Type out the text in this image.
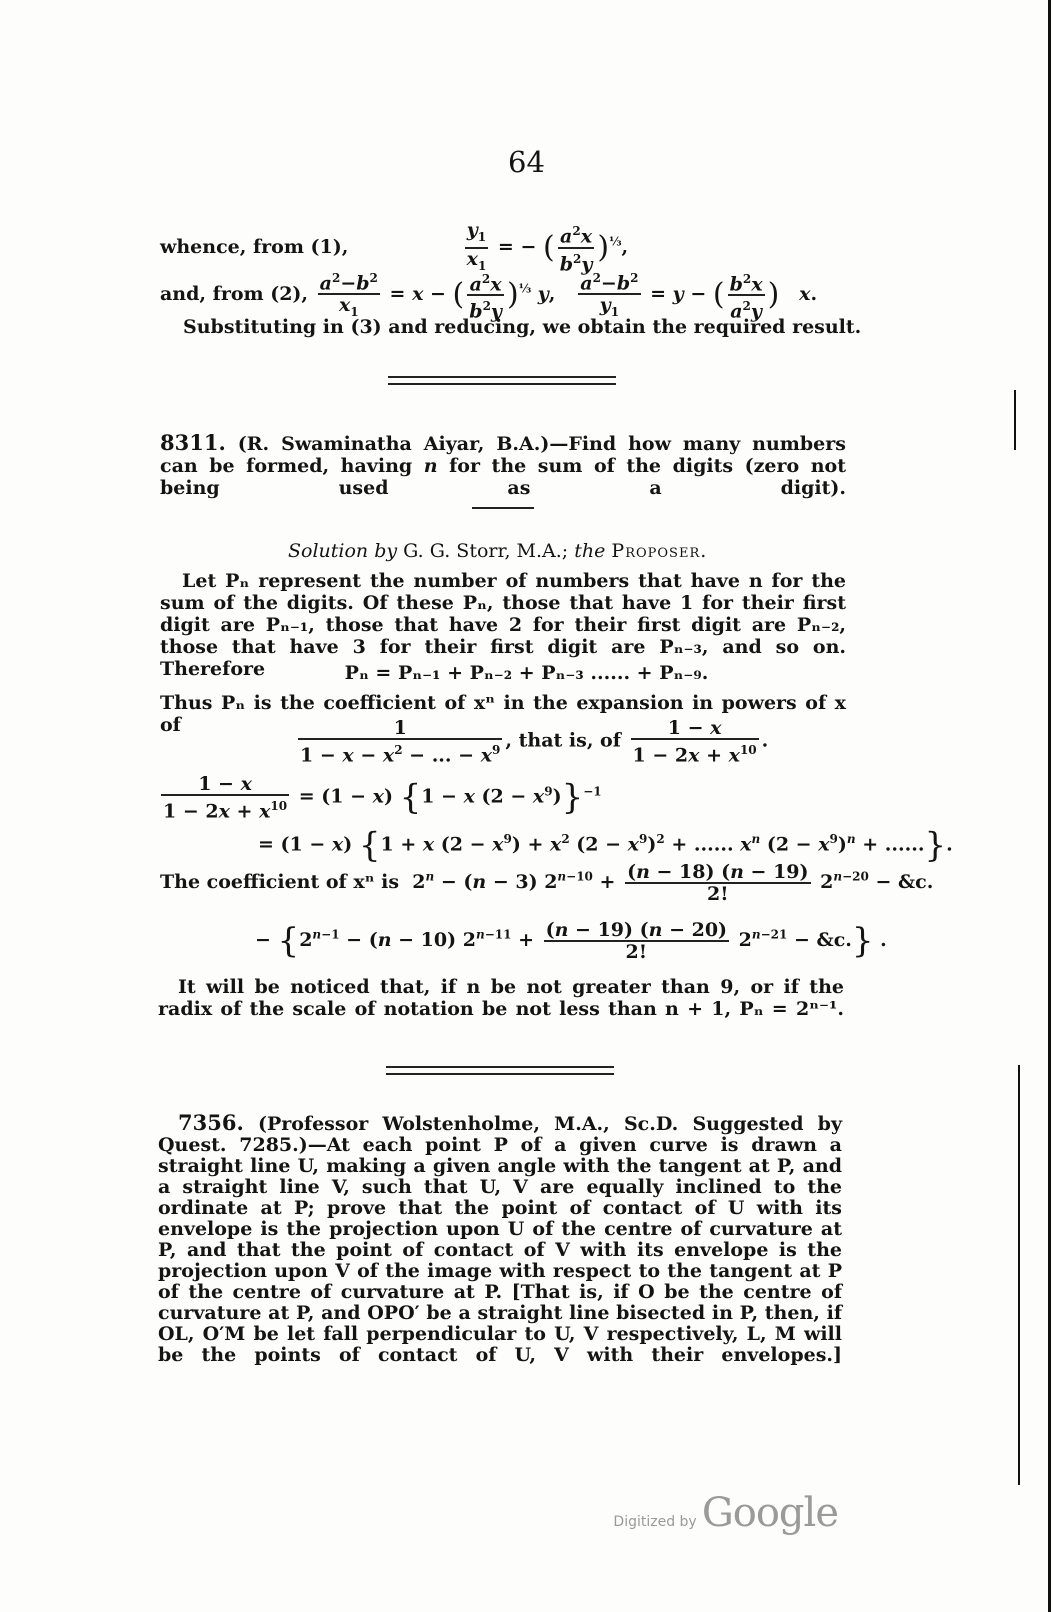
64
whence, from (1),	$\frac{y_1}{x_1}$ = − ( $\frac{a^2x}{b^2y} )^{\frac{1}{3}}$,
and, from (2), $\frac{a^2-b^2}{x_1} = x$ − ( $\frac{a^2x}{b^2y} )^{\frac{1}{3}}$ y, $\frac{a^2-b^2}{y_1} = y$ − ( $\frac{b^2x}{a^2y}$ ) x.
Substituting in (3) and reducing, we obtain the required result.
8311. (R. Swaminatha Aiyar, B.A.)—Find how many numbers can be formed, having n for the sum of the digits (zero not being used as a digit).
Solution by G. G. Storr, M.A.; the Proposer.
Let Pₙ represent the number of numbers that have n for the sum of the digits. Of these Pₙ, those that have 1 for their first digit are Pₙ₋₁, those that have 2 for their first digit are Pₙ₋₂, those that have 3 for their first digit are Pₙ₋₃, and so on. Therefore	Pₙ = Pₙ₋₁ + Pₙ₋₂ + Pₙ₋₃ ...... + Pₙ₋₉.
Thus Pₙ is the coefficient of xⁿ in the expansion in powers of x of	$\frac{1}{1 - x - x^2 - ... - x^9}$ , that is, of $\frac{1 - x}{1 - 2x + x^{10}}$ .
$\frac{1 - x}{1 - 2x + x^{10}} = (1 - x) \{1 - x$ $(2 - x^9)\}^{-1}$
= (1 − x) {1 + x $(2 - x^9) + x^2$ $(2 - x^9)^2$ + ...... $x^n$ $(2 - x^9)^n$ + ......}.
The coefficient of xⁿ is  $2^n - (n - 3) 2^{n-10} + \frac{(n - 18) (n - 19)}{2!} 2^{n-20}$ − &c.
− {$2^{n-1} - (n - 10) 2^{n-11} + \frac{(n - 19) (n - 20)}{2!} 2^{n-21}$ − &c.} .
It will be noticed that, if n be not greater than 9, or if the radix of the scale of notation be not less than n + 1, Pₙ = 2ⁿ⁻¹.
7356. (Professor Wolstenholme, M.A., Sc.D. Suggested by Quest. 7285.)—At each point P of a given curve is drawn a straight line U, making a given angle with the tangent at P, and a straight line V, such that U, V are equally inclined to the ordinate at P; prove that the point of contact of U with its envelope is the projection upon U of the centre of curvature at P, and that the point of contact of V with its envelope is the projection upon V of the image with respect to the tangent at P of the centre of curvature at P. [That is, if O be the centre of curvature at P, and OPO′ be a straight line bisected in P, then, if OL, O′M be let fall perpendicular to U, V respectively, L, M will be the points of contact of U, V with their envelopes.]
Digitized by Google
